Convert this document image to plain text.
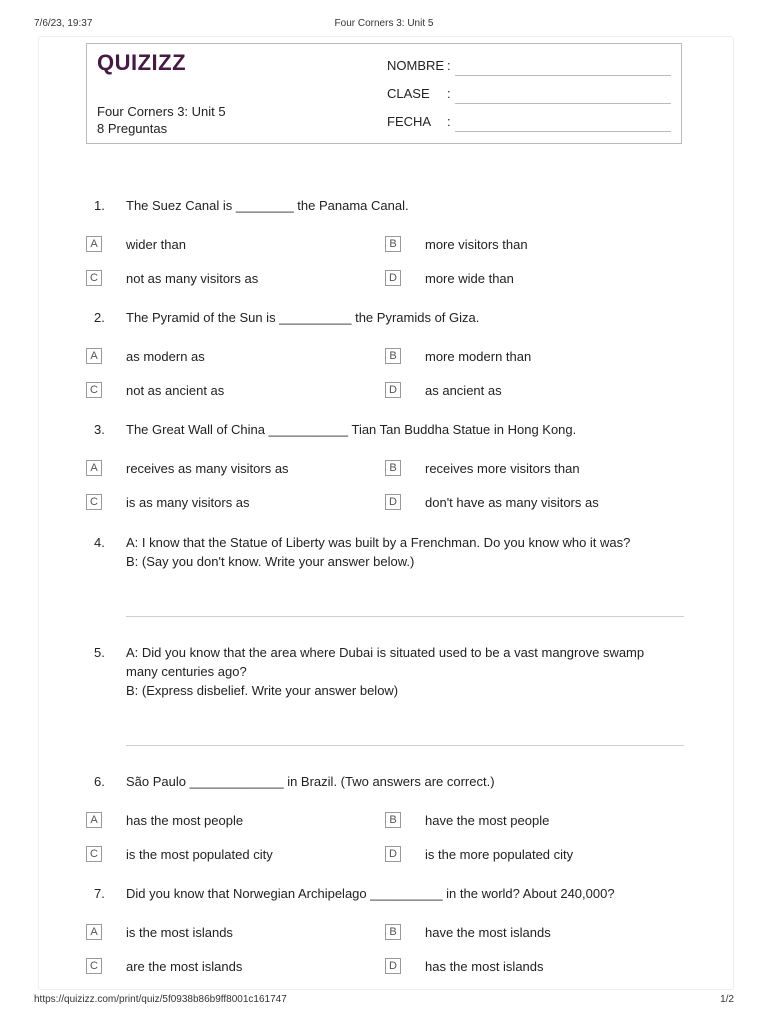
7/6/23, 19:37	Four Corners 3: Unit 5
QUIZIZZ
Four Corners 3: Unit 5
8 Preguntas
NOMBRE :
CLASE :
FECHA :
1.	The Suez Canal is ________ the Panama Canal.
A	wider than	B	more visitors than
C	not as many visitors as	D	more wide than
2.	The Pyramid of the Sun is __________ the Pyramids of Giza.
A	as modern as	B	more modern than
C	not as ancient as	D	as ancient as
3.	The Great Wall of China ___________ Tian Tan Buddha Statue in Hong Kong.
A	receives as many visitors as	B	receives more visitors than
C	is as many visitors as	D	don't have as many visitors as
4.	A: I know that the Statue of Liberty was built by a Frenchman. Do you know who it was?
B: (Say you don't know. Write your answer below.)
5.	A: Did you know that the area where Dubai is situated used to be a vast mangrove swamp
many centuries ago?
B: (Express disbelief. Write your answer below)
6.	São Paulo _____________ in Brazil. (Two answers are correct.)
A	has the most people	B	have the most people
C	is the most populated city	D	is the more populated city
7.	Did you know that Norwegian Archipelago __________ in the world? About 240,000?
A	is the most islands	B	have the most islands
C	are the most islands	D	has the most islands
https://quizizz.com/print/quiz/5f0938b86b9ff8001c161747	1/2
